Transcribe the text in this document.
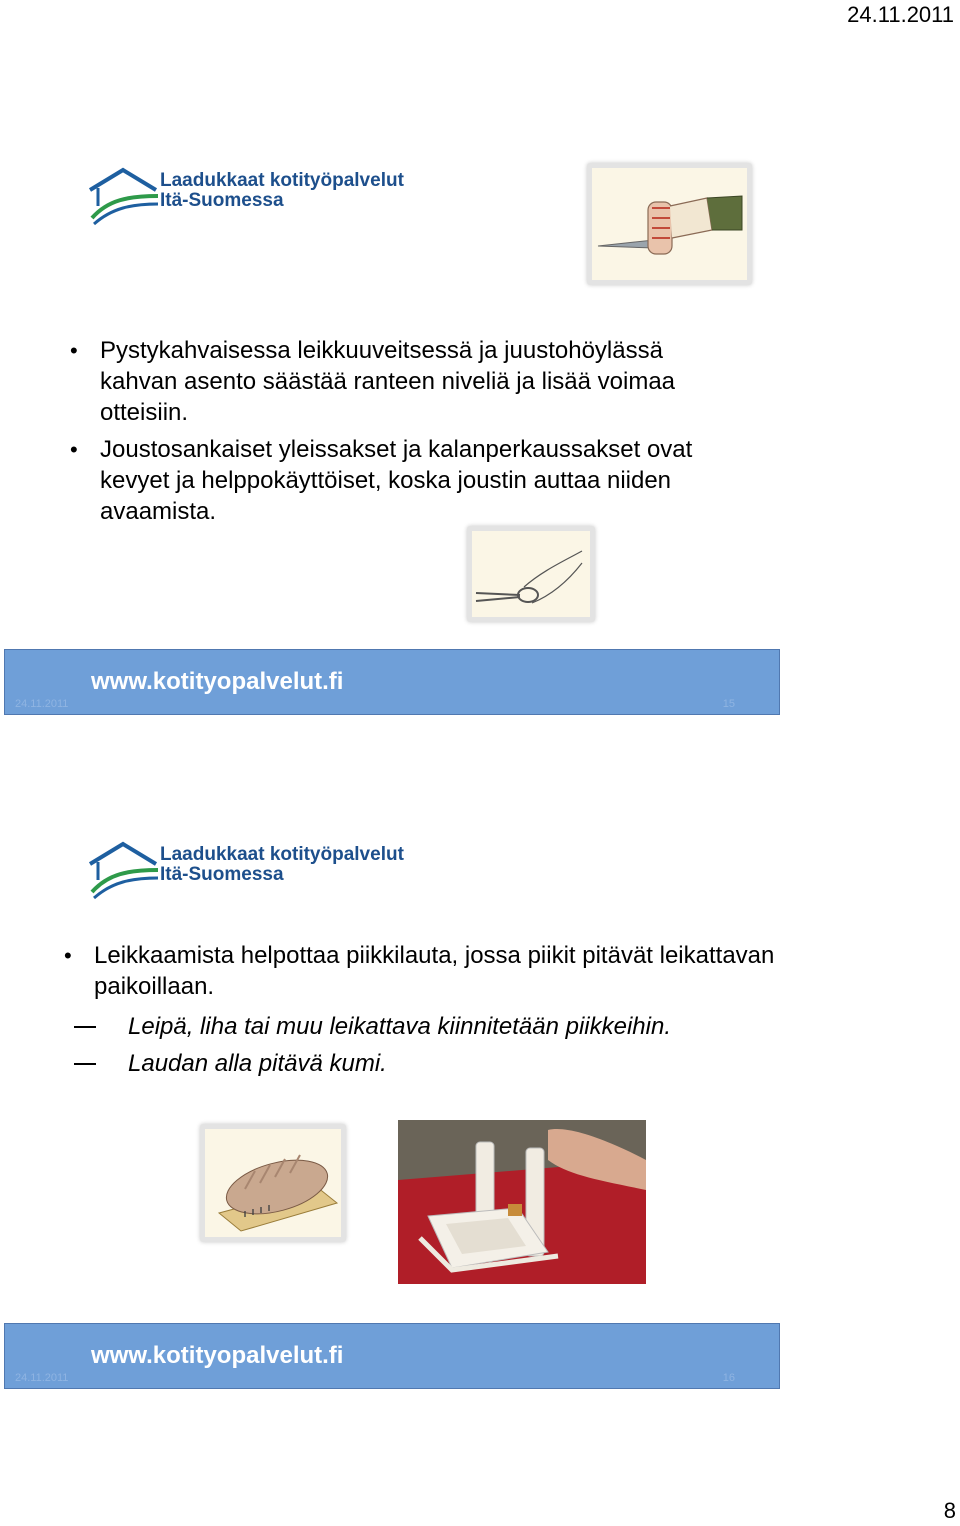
24.11.2011
Laadukkaat kotityöpalvelut
Itä-Suomessa
• Pystykahvaisessa leikkuuveitsessä ja juustohöylässä kahvan asento säästää ranteen niveliä ja lisää voimaa otteisiin.
• Joustosankaiset yleissakset ja kalanperkaussakset ovat kevyet ja helppokäyttöiset, koska joustin auttaa niiden avaamista.
www.kotityopalvelut.fi
24.11.2011	15
Laadukkaat kotityöpalvelut
Itä-Suomessa
• Leikkaamista helpottaa piikkilauta, jossa piikit pitävät leikattavan paikoillaan.
Leipä, liha tai muu leikattava kiinnitetään piikkeihin.
Laudan alla pitävä kumi.
www.kotityopalvelut.fi
24.11.2011	16
8
